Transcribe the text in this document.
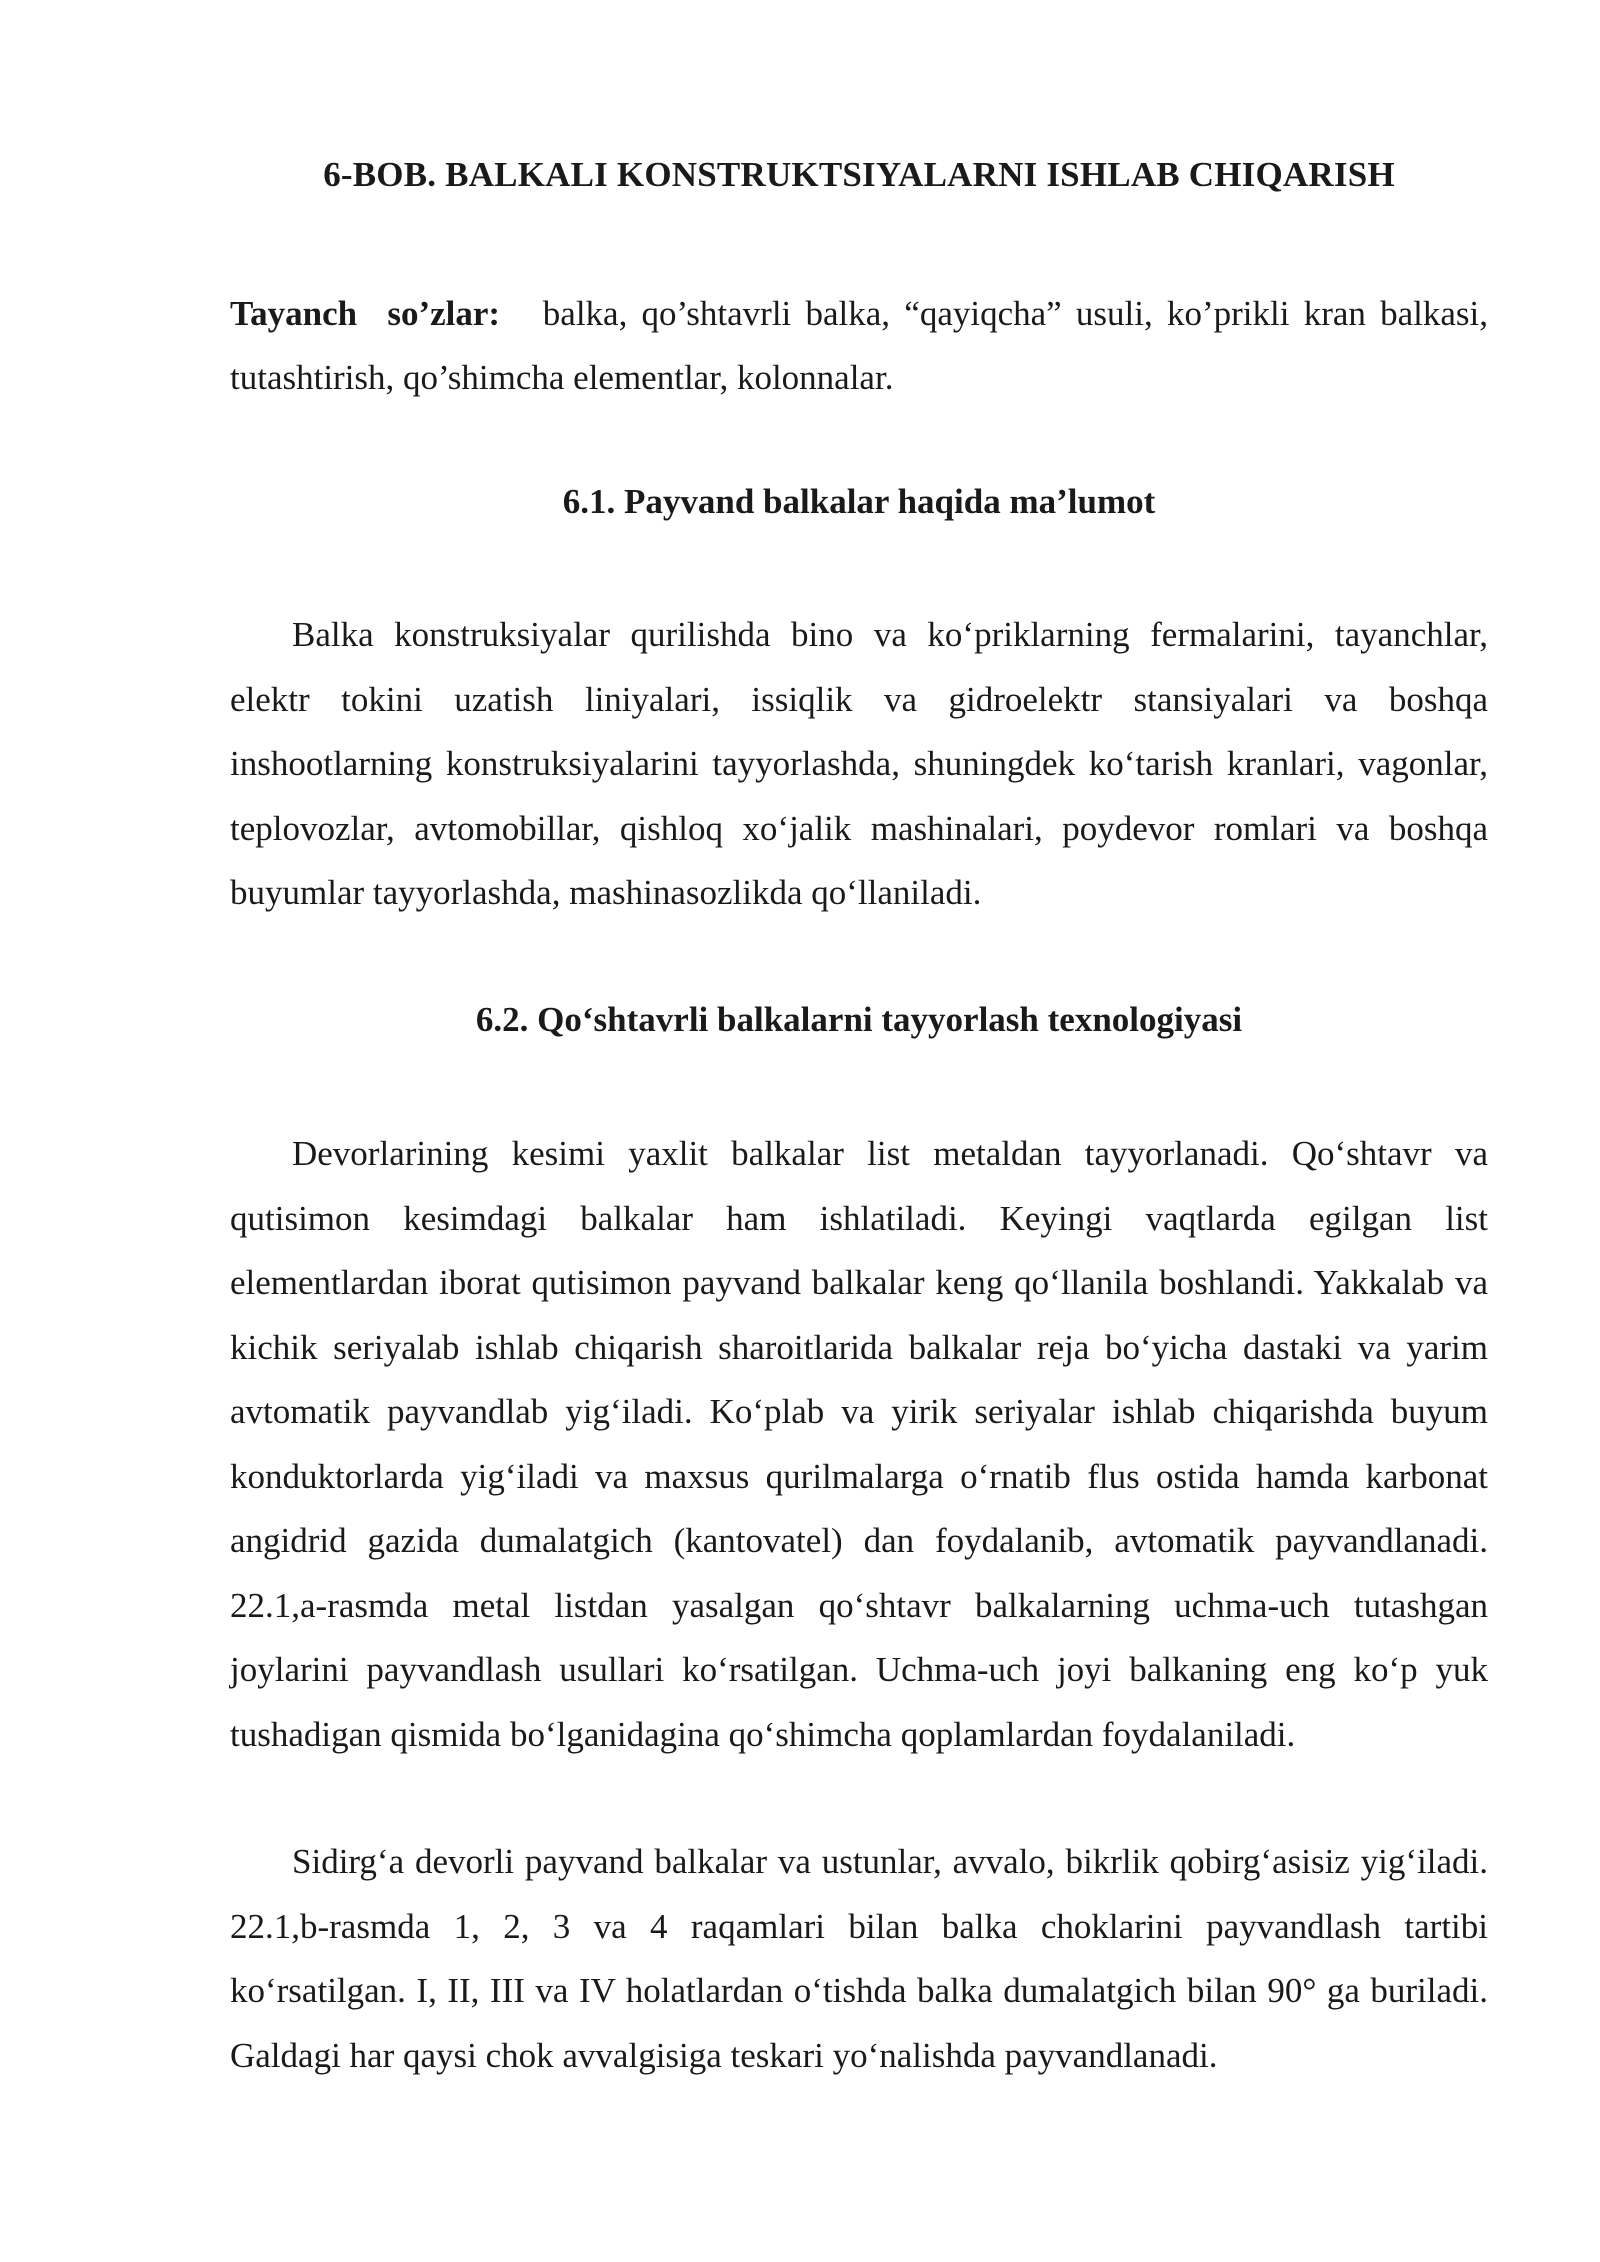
6-BOB. BALKALI KONSTRUKTSIYALARNI ISHLAB CHIQARISH

Tayanch so’zlar: balka, qo’shtavrli balka, “qayiqcha” usuli, ko’prikli kran balkasi, tutashtirish, qo’shimcha elementlar, kolonnalar.

6.1. Payvand balkalar haqida ma’lumot

Balka konstruksiyalar qurilishda bino va ko‘priklarning fermalarini, tayanchlar, elektr tokini uzatish liniyalari, issiqlik va gidroelektr stansiyalari va boshqa inshootlarning konstruksiyalarini tayyorlashda, shuningdek ko‘tarish kranlari, vagonlar, teplovozlar, avtomobillar, qishloq xo‘jalik mashinalari, poydevor romlari va boshqa buyumlar tayyorlashda, mashinasozlikda qo‘llaniladi.

6.2. Qo‘shtavrli balkalarni tayyorlash texnologiyasi

Devorlarining kesimi yaxlit balkalar list metaldan tayyorlanadi. Qo‘shtavr va qutisimon kesimdagi balkalar ham ishlatiladi. Keyingi vaqtlarda egilgan list elementlardan iborat qutisimon payvand balkalar keng qo‘llanila boshlandi. Yakkalab va kichik seriyalab ishlab chiqarish sharoitlarida balkalar reja bo‘yicha dastaki va yarim avtomatik payvandlab yig‘iladi. Ko‘plab va yirik seriyalar ishlab chiqarishda buyum konduktorlarda yig‘iladi va maxsus qurilmalarga o‘rnatib flus ostida hamda karbonat angidrid gazida dumalatgich (kantovatel) dan foydalanib, avtomatik payvandlanadi. 22.1,a-rasmda metal listdan yasalgan qo‘shtavr balkalarning uchma-uch tutashgan joylarini payvandlash usullari ko‘rsatilgan. Uchma-uch joyi balkaning eng ko‘p yuk tushadigan qismida bo‘lganidagina qo‘shimcha qoplamlardan foydalaniladi.

Sidirg‘a devorli payvand balkalar va ustunlar, avvalo, bikrlik qobirg‘asisiz yig‘iladi. 22.1,b-rasmda 1, 2, 3 va 4 raqamlari bilan balka choklarini payvandlash tartibi ko‘rsatilgan. I, II, III va IV holatlardan o‘tishda balka dumalatgich bilan 90° ga buriladi. Galdagi har qaysi chok avvalgisiga teskari yo‘nalishda payvandlanadi.
